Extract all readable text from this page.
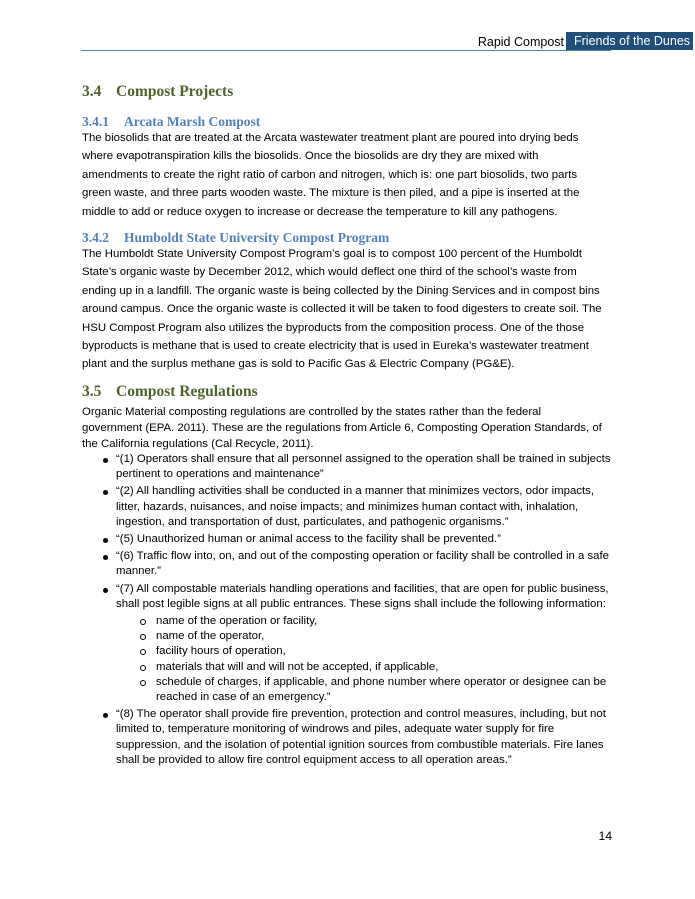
Rapid Compost Friends of the Dunes
3.4 Compost Projects
3.4.1 Arcata Marsh Compost
The biosolids that are treated at the Arcata wastewater treatment plant are poured into drying beds
where evapotranspiration kills the biosolids. Once the biosolids are dry they are mixed with
amendments to create the right ratio of carbon and nitrogen, which is: one part biosolids, two parts
green waste, and three parts wooden waste. The mixture is then piled, and a pipe is inserted at the
middle to add or reduce oxygen to increase or decrease the temperature to kill any pathogens.
3.4.2 Humboldt State University Compost Program
The Humboldt State University Compost Program’s goal is to compost 100 percent of the Humboldt
State’s organic waste by December 2012, which would deflect one third of the school’s waste from
ending up in a landfill. The organic waste is being collected by the Dining Services and in compost bins
around campus. Once the organic waste is collected it will be taken to food digesters to create soil. The
HSU Compost Program also utilizes the byproducts from the composition process. One of the those
byproducts is methane that is used to create electricity that is used in Eureka’s wastewater treatment
plant and the surplus methane gas is sold to Pacific Gas & Electric Company (PG&E).
3.5 Compost Regulations
Organic Material composting regulations are controlled by the states rather than the federal
government (EPA. 2011). These are the regulations from Article 6, Composting Operation Standards, of
the California regulations (Cal Recycle, 2011).
“(1) Operators shall ensure that all personnel assigned to the operation shall be trained in subjects pertinent to operations and maintenance”
“(2) All handling activities shall be conducted in a manner that minimizes vectors, odor impacts, litter, hazards, nuisances, and noise impacts; and minimizes human contact with, inhalation, ingestion, and transportation of dust, particulates, and pathogenic organisms.”
“(5) Unauthorized human or animal access to the facility shall be prevented.”
“(6) Traffic flow into, on, and out of the composting operation or facility shall be controlled in a safe manner.”
“(7) All compostable materials handling operations and facilities, that are open for public business, shall post legible signs at all public entrances. These signs shall include the following information:
name of the operation or facility,
name of the operator,
facility hours of operation,
materials that will and will not be accepted, if applicable,
schedule of charges, if applicable, and phone number where operator or designee can be reached in case of an emergency.”
“(8) The operator shall provide fire prevention, protection and control measures, including, but not limited to, temperature monitoring of windrows and piles, adequate water supply for fire suppression, and the isolation of potential ignition sources from combustible materials. Fire lanes shall be provided to allow fire control equipment access to all operation areas.”
14
